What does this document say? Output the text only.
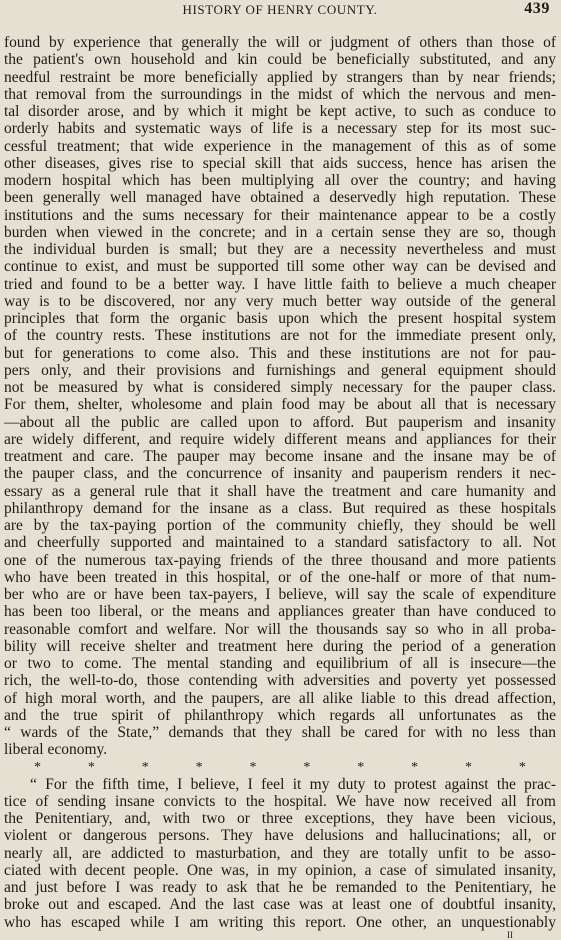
HISTORY OF HENRY COUNTY.	439
found by experience that generally the will or judgment of others than those of
the patient's own household and kin could be beneficially substituted, and any
needful restraint be more beneficially applied by strangers than by near friends;
that removal from the surroundings in the midst of which the nervous and men-
tal disorder arose, and by which it might be kept active, to such as conduce to
orderly habits and systematic ways of life is a necessary step for its most suc-
cessful treatment; that wide experience in the management of this as of some
other diseases, gives rise to special skill that aids success, hence has arisen the
modern hospital which has been multiplying all over the country; and having
been generally well managed have obtained a deservedly high reputation. These
institutions and the sums necessary for their maintenance appear to be a costly
burden when viewed in the concrete; and in a certain sense they are so, though
the individual burden is small; but they are a necessity nevertheless and must
continue to exist, and must be supported till some other way can be devised and
tried and found to be a better way. I have little faith to believe a much cheaper
way is to be discovered, nor any very much better way outside of the general
principles that form the organic basis upon which the present hospital system
of the country rests. These institutions are not for the immediate present only,
but for generations to come also. This and these institutions are not for pau-
pers only, and their provisions and furnishings and general equipment should
not be measured by what is considered simply necessary for the pauper class.
For them, shelter, wholesome and plain food may be about all that is necessary
—about all the public are called upon to afford. But pauperism and insanity
are widely different, and require widely different means and appliances for their
treatment and care. The pauper may become insane and the insane may be of
the pauper class, and the concurrence of insanity and pauperism renders it nec-
essary as a general rule that it shall have the treatment and care humanity and
philanthropy demand for the insane as a class. But required as these hospitals
are by the tax-paying portion of the community chiefly, they should be well
and cheerfully supported and maintained to a standard satisfactory to all. Not
one of the numerous tax-paying friends of the three thousand and more patients
who have been treated in this hospital, or of the one-half or more of that num-
ber who are or have been tax-payers, I believe, will say the scale of expenditure
has been too liberal, or the means and appliances greater than have conduced to
reasonable comfort and welfare. Nor will the thousands say so who in all proba-
bility will receive shelter and treatment here during the period of a generation
or two to come. The mental standing and equilibrium of all is insecure—the
rich, the well-to-do, those contending with adversities and poverty yet possessed
of high moral worth, and the paupers, are all alike liable to this dread affection,
and the true spirit of philanthropy which regards all unfortunates as the
“ wards of the State,” demands that they shall be cared for with no less than
liberal economy.
*	*	*	*	*	*	*	*	*	*
“ For the fifth time, I believe, I feel it my duty to protest against the prac-
tice of sending insane convicts to the hospital. We have now received all from
the Penitentiary, and, with two or three exceptions, they have been vicious,
violent or dangerous persons. They have delusions and hallucinations; all, or
nearly all, are addicted to masturbation, and they are totally unfit to be asso-
ciated with decent people. One was, in my opinion, a case of simulated insanity,
and just before I was ready to ask that he be remanded to the Penitentiary, he
broke out and escaped. And the last case was at least one of doubtful insanity,
who has escaped while I am writing this report. One other, an unquestionably
II
